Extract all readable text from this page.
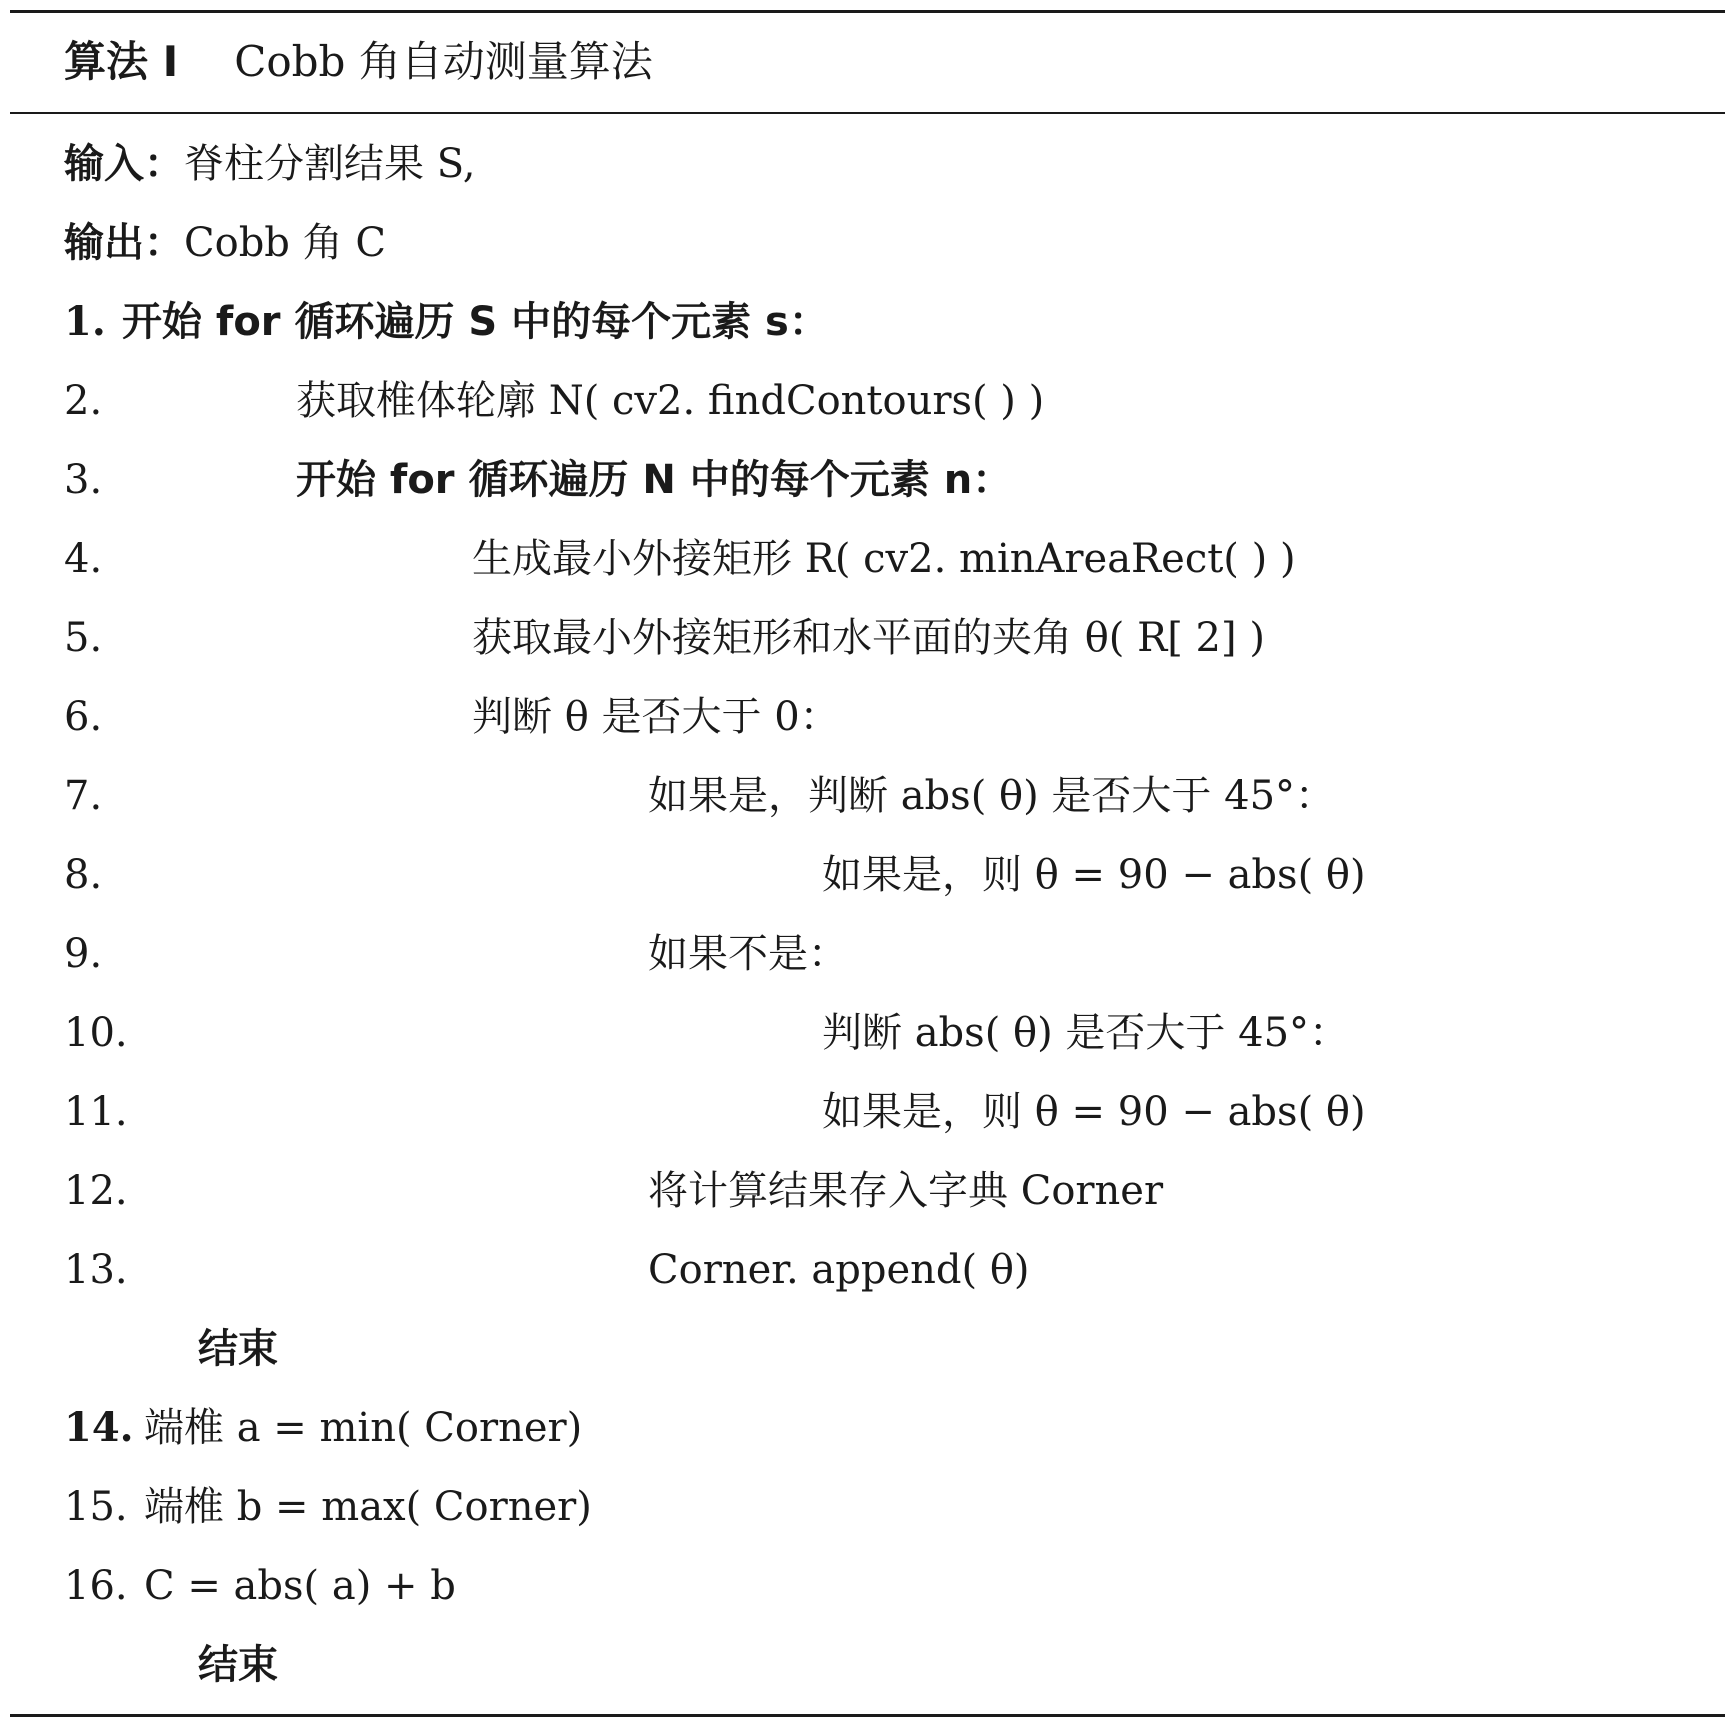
算法 I Cobb 角自动测量算法
输入：脊柱分割结果 S,
输出：Cobb 角 C
1. 开始 for 循环遍历 S 中的每个元素 s：
2.	获取椎体轮廓 N( cv2. findContours( ) )
3.	开始 for 循环遍历 N 中的每个元素 n：
4.	生成最小外接矩形 R( cv2. minAreaRect( ) )
5.	获取最小外接矩形和水平面的夹角 θ( R[ 2] )
6.	判断 θ 是否大于 0：
7.	如果是，判断 abs( θ) 是否大于 45°：
8.	如果是，则 θ = 90 − abs( θ)
9.	如果不是：
10.	判断 abs( θ) 是否大于 45°：
11.	如果是，则 θ = 90 − abs( θ)
12.	将计算结果存入字典 Corner
13.	Corner. append( θ)
结束
14. 端椎 a = min( Corner)
15. 端椎 b = max( Corner)
16. C = abs( a) + b
结束
